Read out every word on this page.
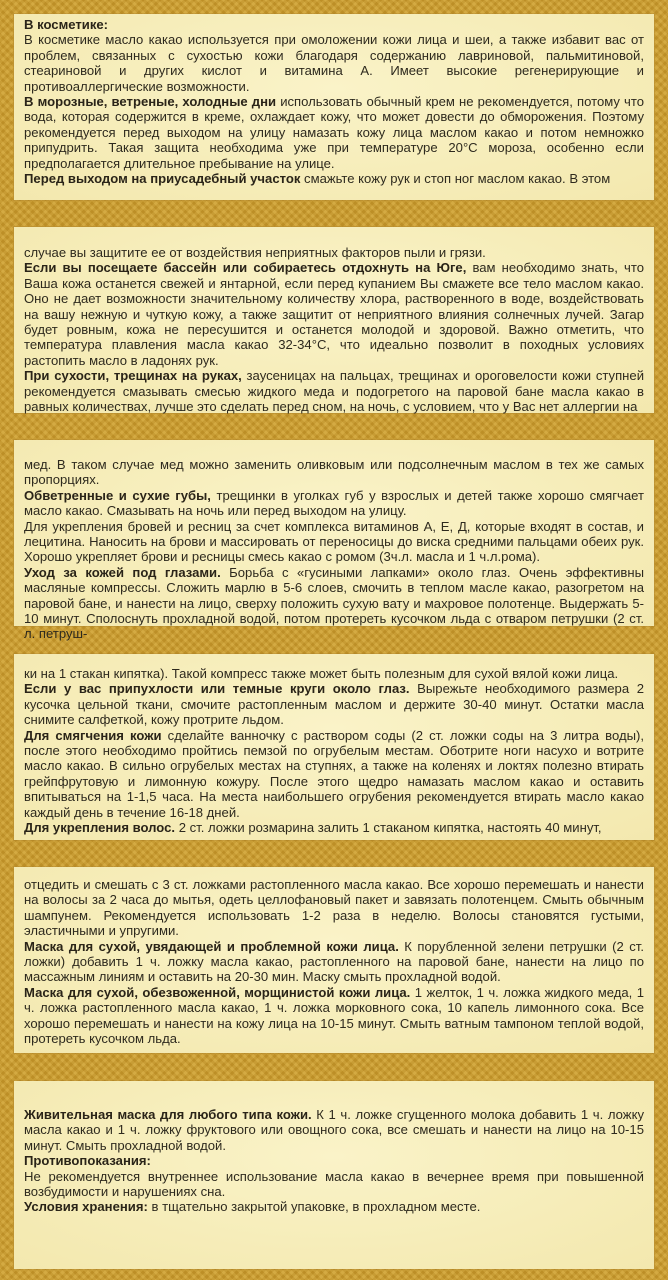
В косметике:

В косметике масло какао используется при омоложении кожи лица и шеи, а также избавит вас от проблем, связанных с сухостью кожи благодаря содержанию лавриновой, пальмитиновой, стеариновой и других кислот и витамина А. Имеет высокие регенерирующие и противоаллергические возможности.

В морозные, ветреные, холодные дни использовать обычный крем не рекомендуется, потому что вода, которая содержится в креме, охлаждает кожу, что может довести до обморожения. Поэтому рекомендуется перед выходом на улицу намазать кожу лица маслом какао и потом немножко припудрить. Такая защита необходима уже при температуре 20°С мороза, особенно если предполагается длительное пребывание на улице.

Перед выходом на приусадебный участок смажьте кожу рук и стоп ног маслом какао. В этом

случае вы защитите ее от воздействия неприятных факторов пыли и грязи.

Если вы посещаете бассейн или собираетесь отдохнуть на Юге, вам необходимо знать, что Ваша кожа останется свежей и янтарной, если перед купанием Вы смажете все тело маслом какао. Оно не дает возможности значительному количеству хлора, растворенного в воде, воздействовать на вашу нежную и чуткую кожу, а также защитит от неприятного влияния солнечных лучей. Загар будет ровным, кожа не пересушится и останется молодой и здоровой. Важно отметить, что температура плавления масла какао 32-34°С, что идеально позволит в походных условиях растопить масло в ладонях рук.

При сухости, трещинах на руках, заусеницах на пальцах, трещинах и ороговелости кожи ступней рекомендуется смазывать смесью жидкого меда и подогретого на паровой бане масла какао в равных количествах, лучше это сделать перед сном, на ночь, с условием, что у Вас нет аллергии на

мед. В таком случае мед можно заменить оливковым или подсолнечным маслом в тех же самых пропорциях.

Обветренные и сухие губы, трещинки в уголках губ у взрослых и детей также хорошо смягчает масло какао. Смазывать на ночь или перед выходом на улицу.

Для укрепления бровей и ресниц за счет комплекса витаминов А, Е, Д, которые входят в состав, и лецитина. Наносить на брови и массировать от переносицы до виска средними пальцами обеих рук. Хорошо укрепляет брови и ресницы смесь какао с ромом (3ч.л. масла и 1 ч.л.рома).

Уход за кожей под глазами. Борьба с «гусиными лапками» около глаз. Очень эффективны масляные компрессы. Сложить марлю в 5-6 слоев, смочить в теплом масле какао, разогретом на паровой бане, и нанести на лицо, сверху положить сухую вату и махровое полотенце. Выдержать 5-10 минут. Сполоснуть прохладной водой, потом протереть кусочком льда с отваром петрушки (2 ст. л. петруш-

ки на 1 стакан кипятка). Такой компресс также может быть полезным для сухой вялой кожи лица.

Если у вас припухлости или темные круги около глаз. Вырежьте необходимого размера 2 кусочка цельной ткани, смочите растопленным маслом и держите 30-40 минут. Остатки масла снимите салфеткой, кожу протрите льдом.

Для смягчения кожи сделайте ванночку с раствором соды (2 ст. ложки соды на 3 литра воды), после этого необходимо пройтись пемзой по огрубелым местам. Оботрите ноги насухо и вотрите масло какао. В сильно огрубелых местах на ступнях, а также на коленях и локтях полезно втирать грейпфрутовую и лимонную кожуру. После этого щедро намазать маслом какао и оставить впитываться на 1-1,5 часа. На места наибольшего огрубения рекомендуется втирать масло какао каждый день в течение 16-18 дней.

Для укрепления волос. 2 ст. ложки розмарина залить 1 стаканом кипятка, настоять 40 минут,

отцедить и смешать с 3 ст. ложками растопленного масла какао. Все хорошо перемешать и нанести на волосы за 2 часа до мытья, одеть целлофановый пакет и завязать полотенцем. Смыть обычным шампунем. Рекомендуется использовать 1-2 раза в неделю. Волосы становятся густыми, эластичными и упругими.

Маска для сухой, увядающей и проблемной кожи лица. К порубленной зелени петрушки (2 ст. ложки) добавить 1 ч. ложку масла какао, растопленного на паровой бане, нанести на лицо по массажным линиям и оставить на 20-30 мин. Маску смыть прохладной водой.

Маска для сухой, обезвоженной, морщинистой кожи лица. 1 желток, 1 ч. ложка жидкого меда, 1 ч. ложка растопленного масла какао, 1 ч. ложка морковного сока, 10 капель лимонного сока. Все хорошо перемешать и нанести на кожу лица на 10-15 минут. Смыть ватным тампоном теплой водой, протереть кусочком льда.

Живительная маска для любого типа кожи. К 1 ч. ложке сгущенного молока добавить 1 ч. ложку масла какао и 1 ч. ложку фруктового или овощного сока, все смешать и нанести на лицо на 10-15 минут. Смыть прохладной водой.

Противопоказания:

Не рекомендуется внутреннее использование масла какао в вечернее время при повышенной возбудимости и нарушениях сна.

Условия хранения: в тщательно закрытой упаковке, в прохладном месте.
